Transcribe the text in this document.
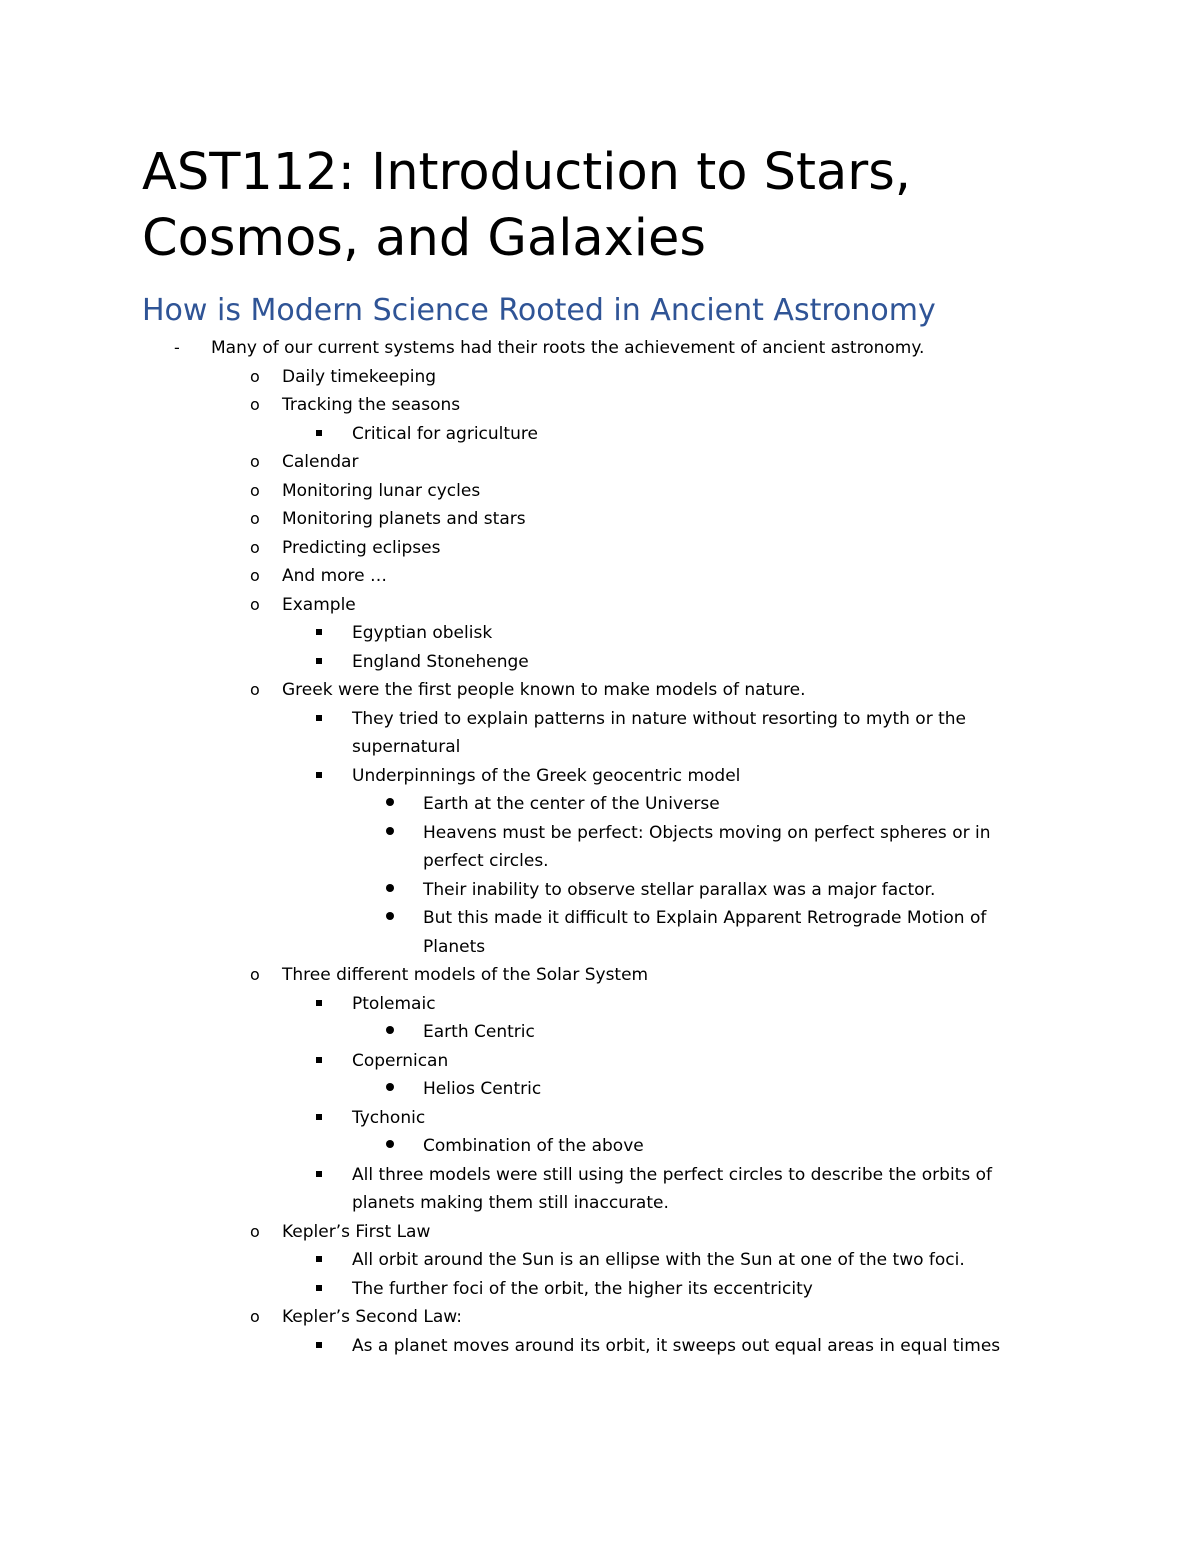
AST112: Introduction to Stars, Cosmos, and Galaxies
How is Modern Science Rooted in Ancient Astronomy
- Many of our current systems had their roots the achievement of ancient astronomy.
o Daily timekeeping
o Tracking the seasons
Critical for agriculture
o Calendar
o Monitoring lunar cycles
o Monitoring planets and stars
o Predicting eclipses
o And more …
o Example
Egyptian obelisk
England Stonehenge
o Greek were the first people known to make models of nature.
They tried to explain patterns in nature without resorting to myth or the supernatural
Underpinnings of the Greek geocentric model
Earth at the center of the Universe
Heavens must be perfect: Objects moving on perfect spheres or in perfect circles.
Their inability to observe stellar parallax was a major factor.
But this made it difficult to Explain Apparent Retrograde Motion of Planets
o Three different models of the Solar System
Ptolemaic
Earth Centric
Copernican
Helios Centric
Tychonic
Combination of the above
All three models were still using the perfect circles to describe the orbits of planets making them still inaccurate.
o Kepler’s First Law
All orbit around the Sun is an ellipse with the Sun at one of the two foci.
The further foci of the orbit, the higher its eccentricity
o Kepler’s Second Law:
As a planet moves around its orbit, it sweeps out equal areas in equal times
